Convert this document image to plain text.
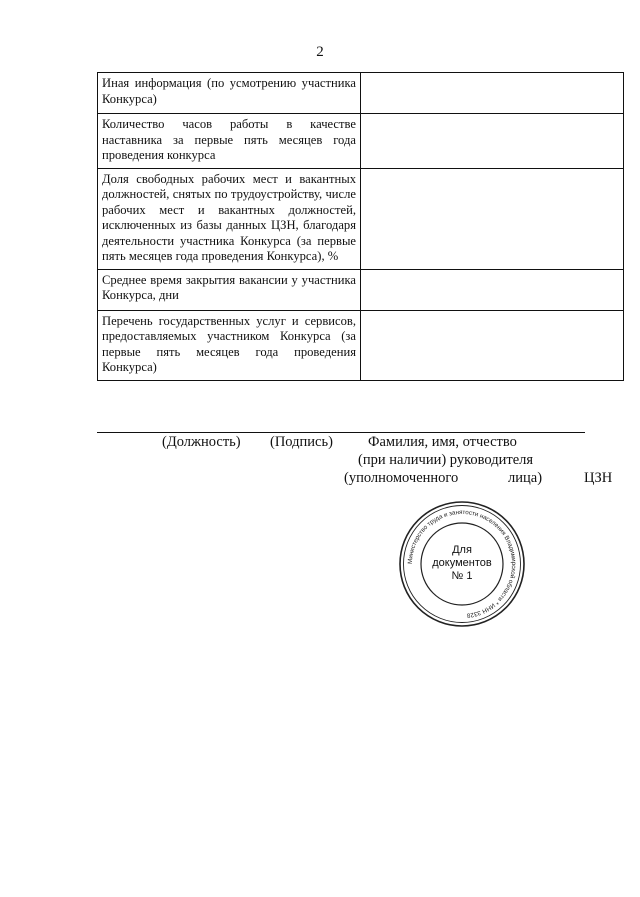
2
Иная информация (по усмотрению участника Конкурса)	
Количество часов работы в качестве наставника за первые пять месяцев года проведения конкурса	
Доля свободных рабочих мест и вакантных должностей, снятых по трудоустройству, числе рабочих мест и вакантных должностей, исключенных из базы данных ЦЗН, благодаря деятельности участника Конкурса (за первые пять месяцев года проведения Конкурса), %	
Среднее время закрытия вакансии у участника Конкурса, дни	
Перечень государственных услуг и сервисов, предоставляемых участником Конкурса (за первые пять месяцев года проведения Конкурса)	
(Должность) (Подпись) Фамилия, имя, отчество
(при наличии) руководителя
(уполномоченного	лица)	ЦЗН
Министерство труда и занятости населения Владимирской области * ИНН 3328
Для
документов
№ 1
